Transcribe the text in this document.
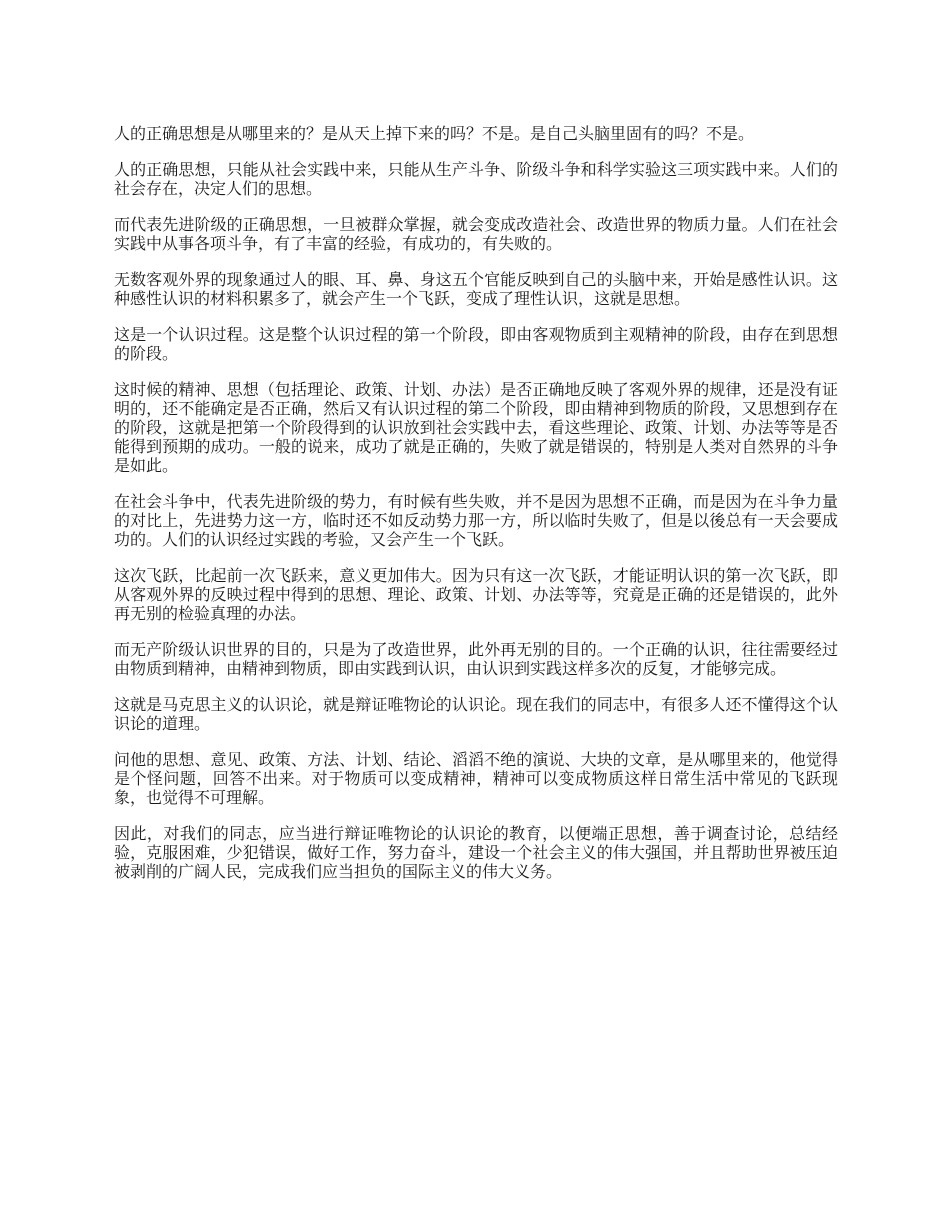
人的正确思想是从哪里来的？是从天上掉下来的吗？不是。是自己头脑里固有的吗？不是。

人的正确思想，只能从社会实践中来，只能从生产斗争、阶级斗争和科学实验这三项实践中来。人们的社会存在，决定人们的思想。

而代表先进阶级的正确思想，一旦被群众掌握，就会变成改造社会、改造世界的物质力量。人们在社会实践中从事各项斗争，有了丰富的经验，有成功的，有失败的。

无数客观外界的现象通过人的眼、耳、鼻、身这五个官能反映到自己的头脑中来，开始是感性认识。这种感性认识的材料积累多了，就会产生一个飞跃，变成了理性认识，这就是思想。

这是一个认识过程。这是整个认识过程的第一个阶段，即由客观物质到主观精神的阶段，由存在到思想的阶段。

这时候的精神、思想（包括理论、政策、计划、办法）是否正确地反映了客观外界的规律，还是没有证明的，还不能确定是否正确，然后又有认识过程的第二个阶段，即由精神到物质的阶段，又思想到存在的阶段，这就是把第一个阶段得到的认识放到社会实践中去，看这些理论、政策、计划、办法等等是否能得到预期的成功。一般的说来，成功了就是正确的，失败了就是错误的，特别是人类对自然界的斗争是如此。

在社会斗争中，代表先进阶级的势力，有时候有些失败，并不是因为思想不正确，而是因为在斗争力量的对比上，先进势力这一方，临时还不如反动势力那一方，所以临时失败了，但是以後总有一天会要成功的。人们的认识经过实践的考验，又会产生一个飞跃。

这次飞跃，比起前一次飞跃来，意义更加伟大。因为只有这一次飞跃，才能证明认识的第一次飞跃，即从客观外界的反映过程中得到的思想、理论、政策、计划、办法等等，究竟是正确的还是错误的，此外再无别的检验真理的办法。

而无产阶级认识世界的目的，只是为了改造世界，此外再无别的目的。一个正确的认识，往往需要经过由物质到精神，由精神到物质，即由实践到认识，由认识到实践这样多次的反复，才能够完成。

这就是马克思主义的认识论，就是辩证唯物论的认识论。现在我们的同志中，有很多人还不懂得这个认识论的道理。

问他的思想、意见、政策、方法、计划、结论、滔滔不绝的演说、大块的文章，是从哪里来的，他觉得是个怪问题，回答不出来。对于物质可以变成精神，精神可以变成物质这样日常生活中常见的飞跃现象，也觉得不可理解。

因此，对我们的同志，应当进行辩证唯物论的认识论的教育，以便端正思想，善于调查讨论，总结经验，克服困难，少犯错误，做好工作，努力奋斗，建设一个社会主义的伟大强国，并且帮助世界被压迫被剥削的广阔人民，完成我们应当担负的国际主义的伟大义务。
